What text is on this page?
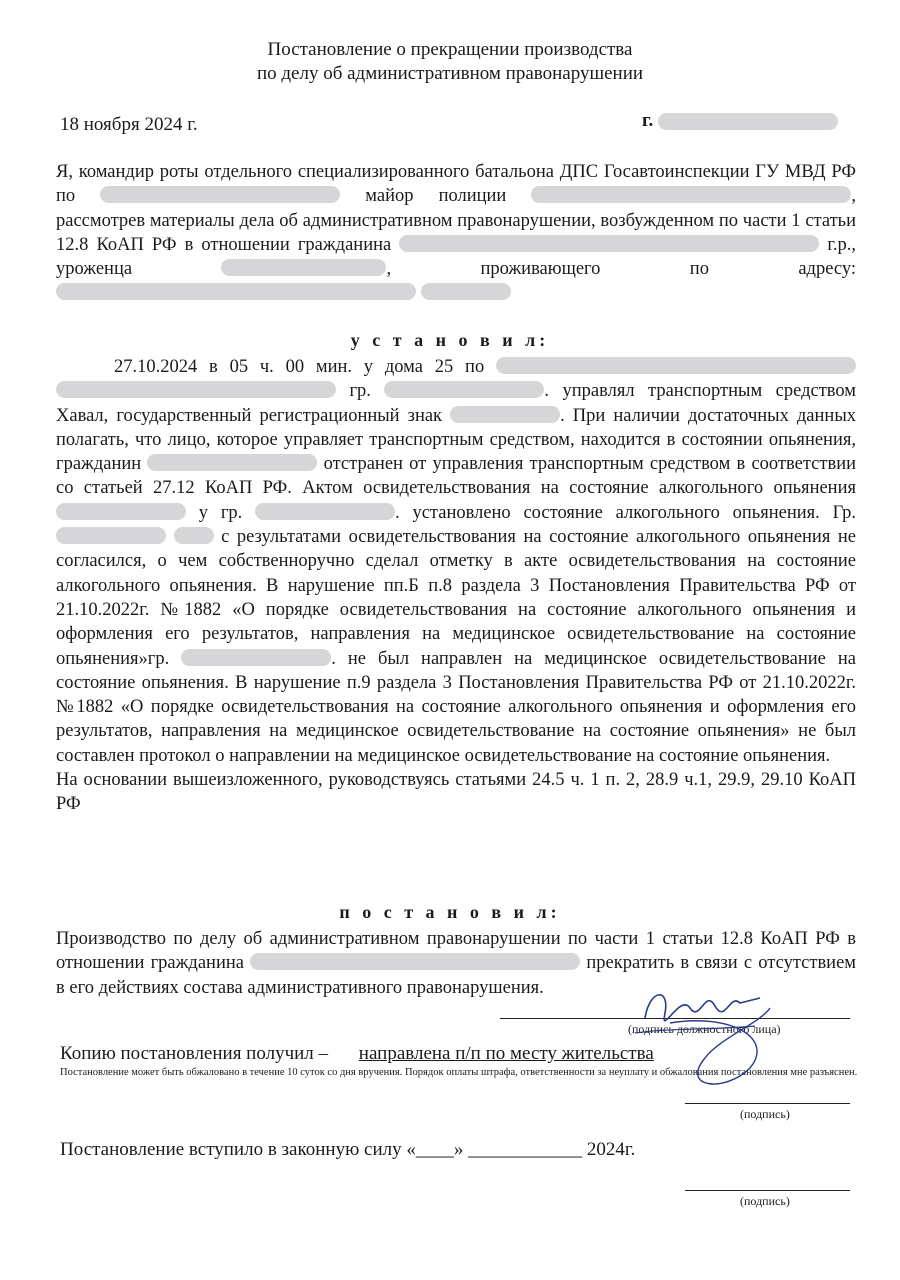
Постановление о прекращении производства
по делу об административном правонарушении
18 ноября 2024 г.	г.
Я, командир роты отдельного специализированного батальона ДПС Госавтоинспекции ГУ МВД РФ по	майор полиции	, рассмотрев материалы дела об административном правонарушении, возбужденном по части 1 статьи 12.8 КоАП РФ в отношении гражданина	г.р., уроженца	, проживающего по адресу:
у с т а н о в и л:
27.10.2024 в 05 ч. 00 мин. у дома 25 по   гр.	. управлял транспортным средством Хавал, государственный регистрационный знак	. При наличии достаточных данных полагать, что лицо, которое управляет транспортным средством, находится в состоянии опьянения, гражданин	отстранен от управления транспортным средством в соответствии со статьей 27.12 КоАП РФ. Актом освидетельствования на состояние алкогольного опьянения  у гр.	. установлено состояние алкогольного опьянения. Гр.   с результатами освидетельствования на состояние алкогольного опьянения не согласился, о чем собственноручно сделал отметку в акте освидетельствования на состояние алкогольного опьянения. В нарушение пп.Б п.8 раздела 3 Постановления Правительства РФ от 21.10.2022г. №1882 «О порядке освидетельствования на состояние алкогольного опьянения и оформления его результатов, направления на медицинское освидетельствование на состояние опьянения»гр.	. не был направлен на медицинское освидетельствование на состояние опьянения. В нарушение п.9 раздела 3 Постановления Правительства РФ от 21.10.2022г. №1882 «О порядке освидетельствования на состояние алкогольного опьянения и оформления его результатов, направления на медицинское освидетельствование на состояние опьянения» не был составлен протокол о направлении на медицинское освидетельствование на состояние опьянения.
На основании вышеизложенного, руководствуясь статьями 24.5 ч. 1 п. 2, 28.9 ч.1, 29.9, 29.10 КоАП РФ
п о с т а н о в и л:
Производство по делу об административном правонарушении по части 1 статьи 12.8 КоАП РФ в отношении гражданина	прекратить в связи с отсутствием в его действиях состава административного правонарушения.
(подпись должностного лица)
Копию постановления получил – направлена п/п по месту жительства
Постановление может быть обжаловано в течение 10 суток со дня вручения. Порядок оплаты штрафа, ответственности за неуплату и обжалования постановления мне разъяснен.
(подпись)
Постановление вступило в законную силу «____» ____________ 2024г.
(подпись)
